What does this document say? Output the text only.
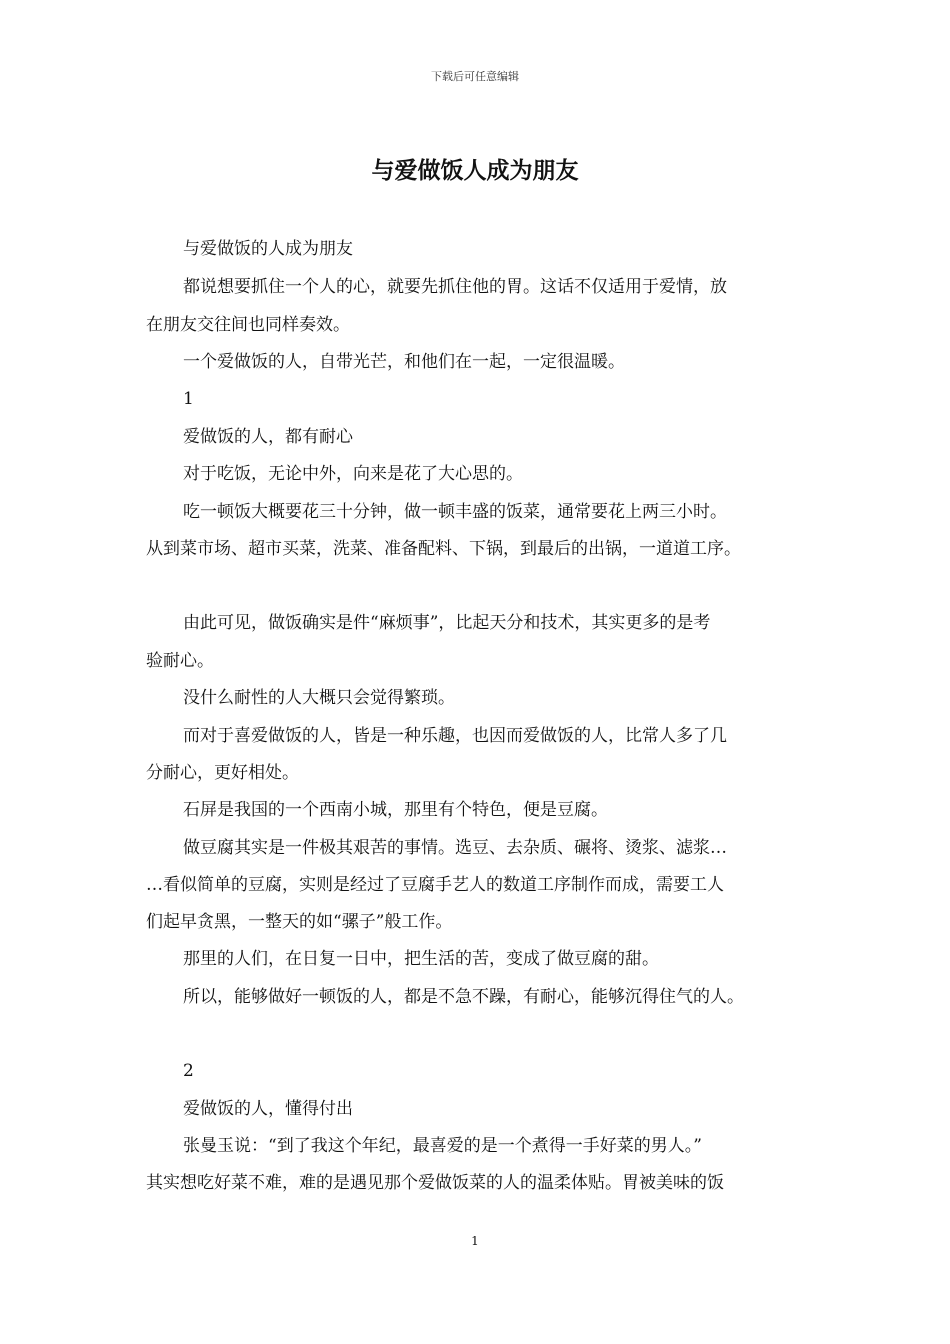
下载后可任意编辑
与爱做饭人成为朋友
与爱做饭的人成为朋友
都说想要抓住一个人的心，就要先抓住他的胃。这话不仅适用于爱情，放
在朋友交往间也同样奏效。
一个爱做饭的人，自带光芒，和他们在一起，一定很温暖。
1
爱做饭的人，都有耐心
对于吃饭，无论中外，向来是花了大心思的。
吃一顿饭大概要花三十分钟，做一顿丰盛的饭菜，通常要花上两三小时。
从到菜市场、超市买菜，洗菜、准备配料、下锅，到最后的出锅，一道道工序。
由此可见，做饭确实是件“麻烦事”，比起天分和技术，其实更多的是考
验耐心。
没什么耐性的人大概只会觉得繁琐。
而对于喜爱做饭的人，皆是一种乐趣，也因而爱做饭的人，比常人多了几
分耐心，更好相处。
石屏是我国的一个西南小城，那里有个特色，便是豆腐。
做豆腐其实是一件极其艰苦的事情。选豆、去杂质、碾将、烫浆、滤浆…
…看似简单的豆腐，实则是经过了豆腐手艺人的数道工序制作而成，需要工人
们起早贪黑，一整天的如“骡子”般工作。
那里的人们，在日复一日中，把生活的苦，变成了做豆腐的甜。
所以，能够做好一顿饭的人，都是不急不躁，有耐心，能够沉得住气的人。
2
爱做饭的人，懂得付出
张曼玉说：“到了我这个年纪，最喜爱的是一个煮得一手好菜的男人。”
其实想吃好菜不难，难的是遇见那个爱做饭菜的人的温柔体贴。胃被美味的饭
1
